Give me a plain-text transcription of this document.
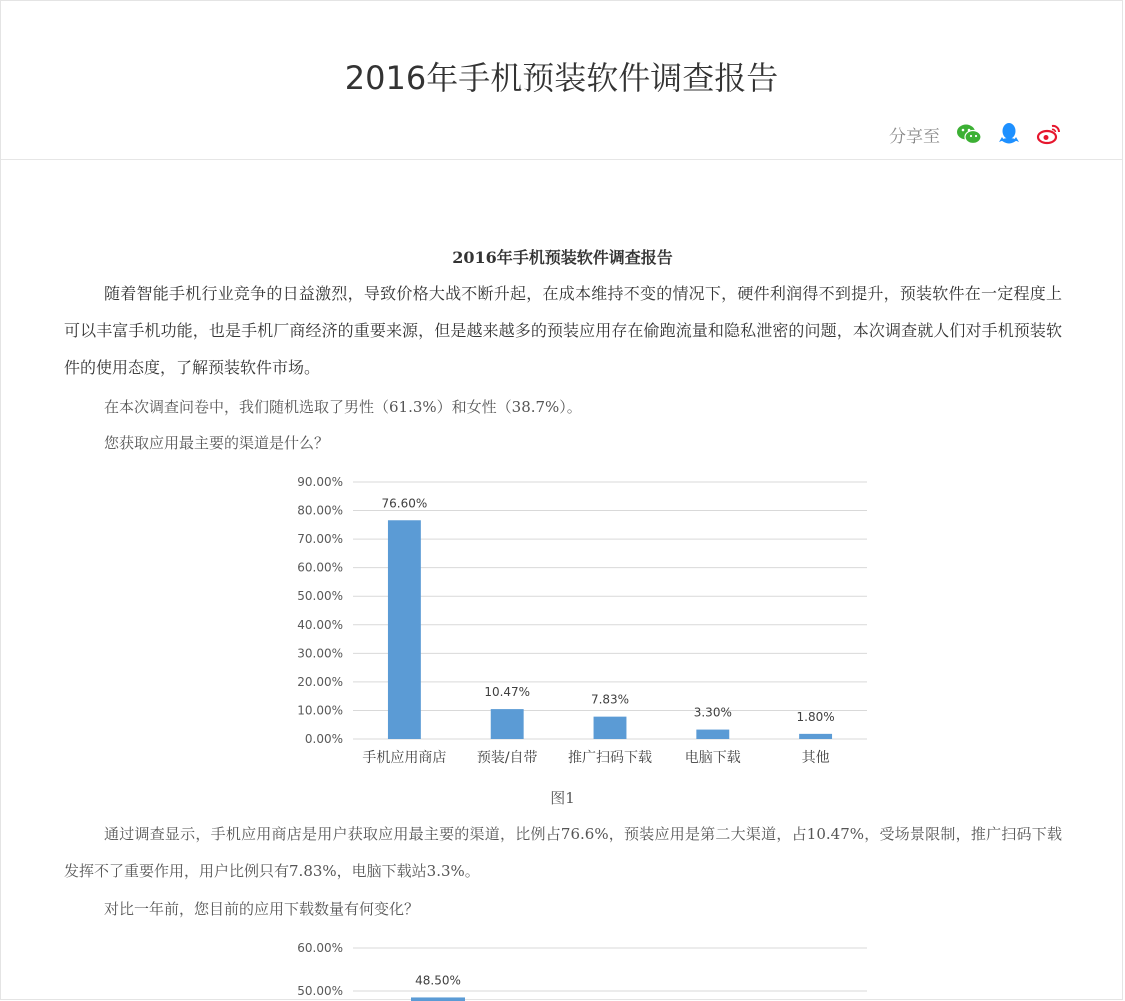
2016年手机预装软件调查报告
分享至
2016年手机预装软件调查报告

随着智能手机行业竞争的日益激烈，导致价格大战不断升起，在成本维持不变的情况下，硬件利润得不到提升，预装软件在一定程度上可以丰富手机功能，也是手机厂商经济的重要来源，但是越来越多的预装应用存在偷跑流量和隐私泄密的问题，本次调查就人们对手机预装软件的使用态度，了解预装软件市场。

在本次调查问卷中，我们随机选取了男性（61.3%）和女性（38.7%）。

您获取应用最主要的渠道是什么？

0.00%
10.00%
20.00%
30.00%
40.00%
50.00%
60.00%
70.00%
80.00%
90.00%
76.60%
手机应用商店
10.47%
预装/自带
7.83%
推广扫码下载
3.30%
电脑下载
1.80%
其他
图1

通过调查显示，手机应用商店是用户获取应用最主要的渠道，比例占76.6%，预装应用是第二大渠道，占10.47%，受场景限制，推广扫码下载发挥不了重要作用，用户比例只有7.83%，电脑下载站3.3%。

对比一年前，您目前的应用下载数量有何变化？

60.00%
50.00%
48.50%
